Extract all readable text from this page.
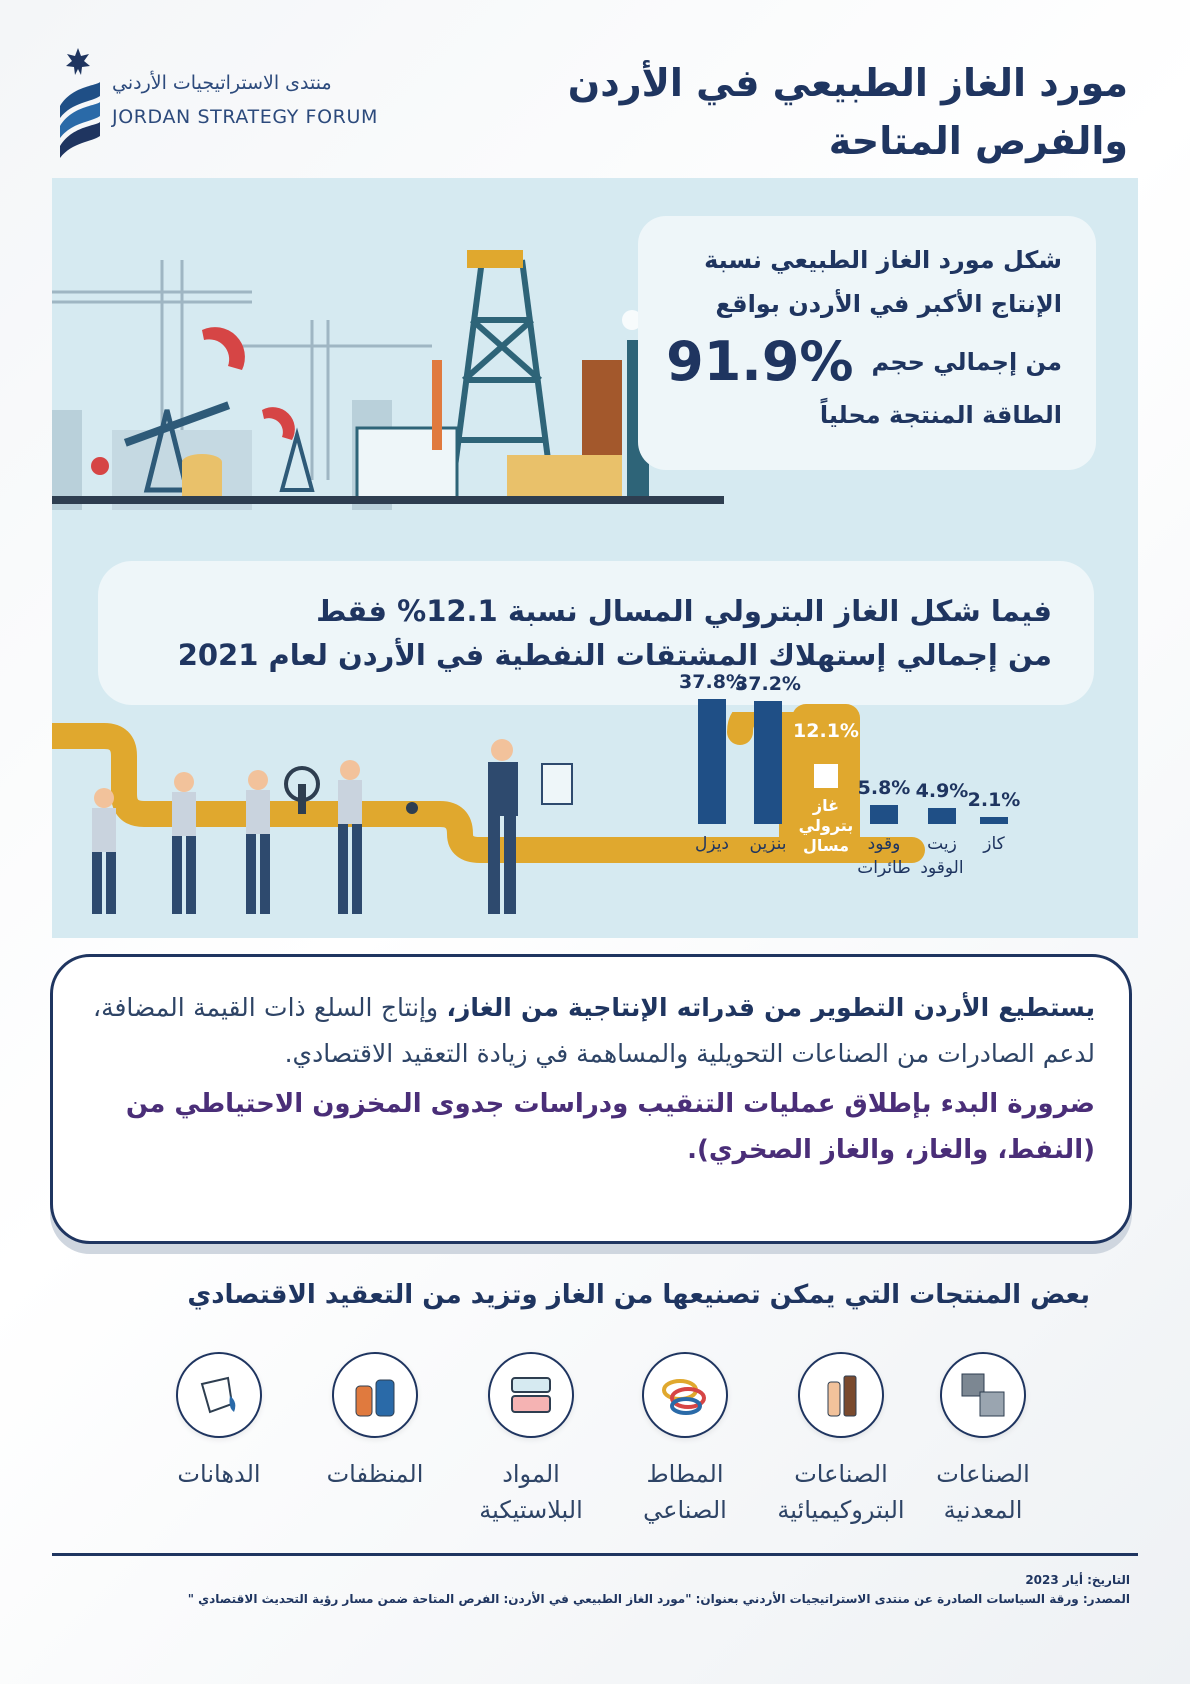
منتدى الاستراتيجيات الأردني
JORDAN STRATEGY FORUM
مورد الغاز الطبيعي في الأردن
والفرص المتاحة
شكل مورد الغاز الطبيعي نسبة
الإنتاج الأكبر في الأردن بواقع
من إجمالي حجم
91.9%
الطاقة المنتجة محلياً
فيما شكل الغاز البترولي المسال نسبة 12.1% فقط
من إجمالي إستهلاك المشتقات النفطية في الأردن لعام 2021
37.8%
ديزل
37.2%
بنزين
12.1%
غاز
بترولي
مسال
5.8%
وقود
طائرات
4.9%
زيت
الوقود
2.1%
كاز

يستطيع الأردن التطوير من قدراته الإنتاجية من الغاز، وإنتاج السلع ذات القيمة المضافة، لدعم الصادرات من الصناعات التحويلية والمساهمة في زيادة التعقيد الاقتصادي.

ضرورة البدء بإطلاق عمليات التنقيب ودراسات جدوى المخزون الاحتياطي من (النفط، والغاز، والغاز الصخري).

بعض المنتجات التي يمكن تصنيعها من الغاز وتزيد من التعقيد الاقتصادي
الصناعات
المعدنية
الصناعات
البتروكيميائية
المطاط
الصناعي
المواد
البلاستيكية
المنظفات
الدهانات
التاريخ: أيار 2023
المصدر: ورقة السياسات الصادرة عن منتدى الاستراتيجيات الأردني بعنوان: "مورد الغاز الطبيعي في الأردن: الفرص المتاحة ضمن مسار رؤية التحديث الاقتصادي "
